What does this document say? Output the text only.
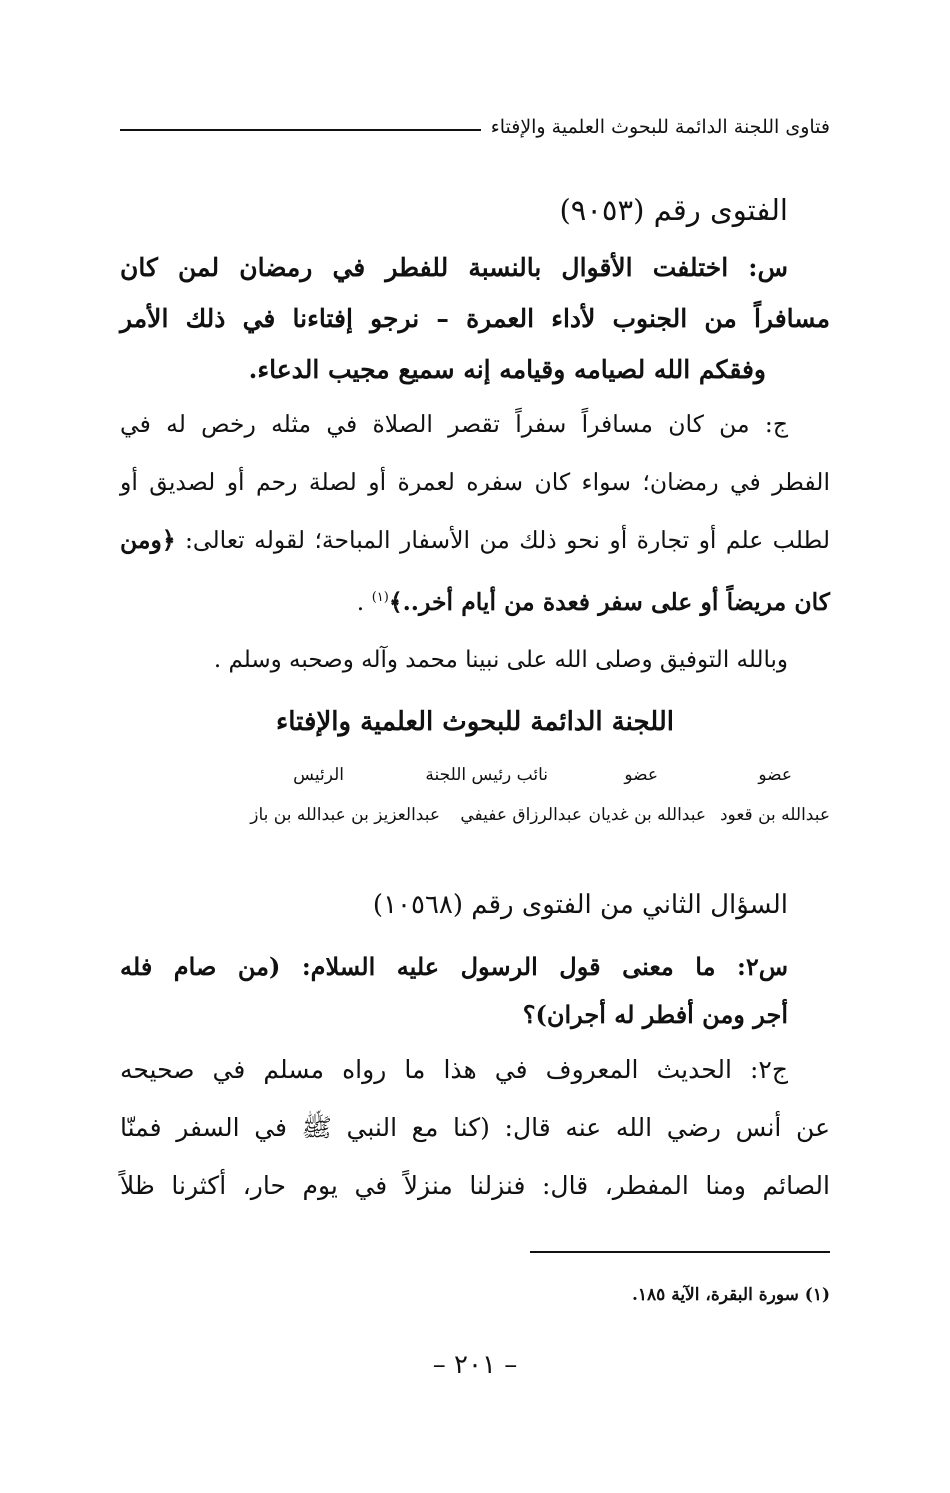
فتاوى اللجنة الدائمة للبحوث العلمية والإفتاء
الفتوى رقم (٩٠٥٣)
س: اختلفت الأقوال بالنسبة للفطر في رمضان لمن كان
مسافراً من الجنوب لأداء العمرة – نرجو إفتاءنا في ذلك الأمر
وفقكم الله لصيامه وقيامه إنه سميع مجيب الدعاء.
ج: من كان مسافراً سفراً تقصر الصلاة في مثله رخص له في
الفطر في رمضان؛ سواء كان سفره لعمرة أو لصلة رحم أو لصديق أو
لطلب علم أو تجارة أو نحو ذلك من الأسفار المباحة؛ لقوله تعالى: ﴿ومن
كان مريضاً أو على سفر فعدة من أيام أخر..﴾$^{(١)}$ .
وبالله التوفيق وصلى الله على نبينا محمد وآله وصحبه وسلم .
اللجنة الدائمة للبحوث العلمية والإفتاء
عضو
عبدالله بن قعود
عضو
عبدالله بن غديان
نائب رئيس اللجنة
عبدالرزاق عفيفي
الرئيس
عبدالعزيز بن عبدالله بن باز
السؤال الثاني من الفتوى رقم (١٠٥٦٨)
س٢: ما معنى قول الرسول عليه السلام: (من صام فله
أجر ومن أفطر له أجران)؟
ج٢: الحديث المعروف في هذا ما رواه مسلم في صحيحه
عن أنس رضي الله عنه قال: (كنا مع النبي ﷺ في السفر فمنّا
الصائم ومنا المفطر، قال: فنزلنا منزلاً في يوم حار، أكثرنا ظلاً
(١) سورة البقرة، الآية ١٨٥.
– ٢٠١ –
